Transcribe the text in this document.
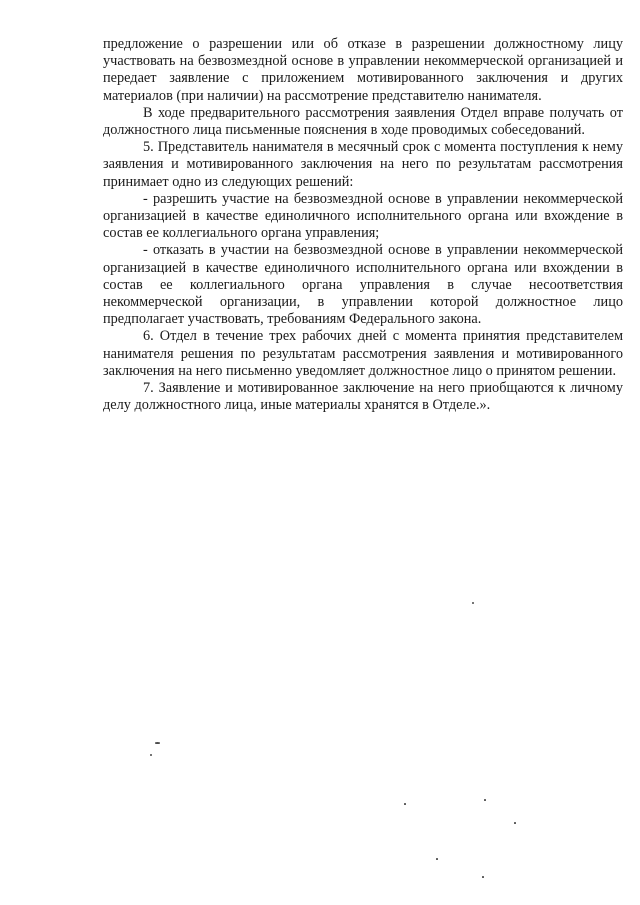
предложение о разрешении или об отказе в разрешении должностному лицу участвовать на безвозмездной основе в управлении некоммерческой организацией и передает заявление с приложением мотивированного заключения и других материалов (при наличии) на рассмотрение представителю нанимателя.

В ходе предварительного рассмотрения заявления Отдел вправе получать от должностного лица письменные пояснения в ходе проводимых собеседований.

5. Представитель нанимателя в месячный срок с момента поступления к нему заявления и мотивированного заключения на него по результатам рассмотрения принимает одно из следующих решений:

- разрешить участие на безвозмездной основе в управлении некоммерческой организацией в качестве единоличного исполнительного органа или вхождение в состав ее коллегиального органа управления;

- отказать в участии на безвозмездной основе в управлении некоммерческой организацией в качестве единоличного исполнительного органа или вхождении в состав ее коллегиального органа управления в случае несоответствия некоммерческой организации, в управлении которой должностное лицо предполагает участвовать, требованиям Федерального закона.

6. Отдел в течение трех рабочих дней с момента принятия представителем нанимателя решения по результатам рассмотрения заявления и мотивированного заключения на него письменно уведомляет должностное лицо о принятом решении.

7. Заявление и мотивированное заключение на него приобщаются к личному делу должностного лица, иные материалы хранятся в Отделе.».
